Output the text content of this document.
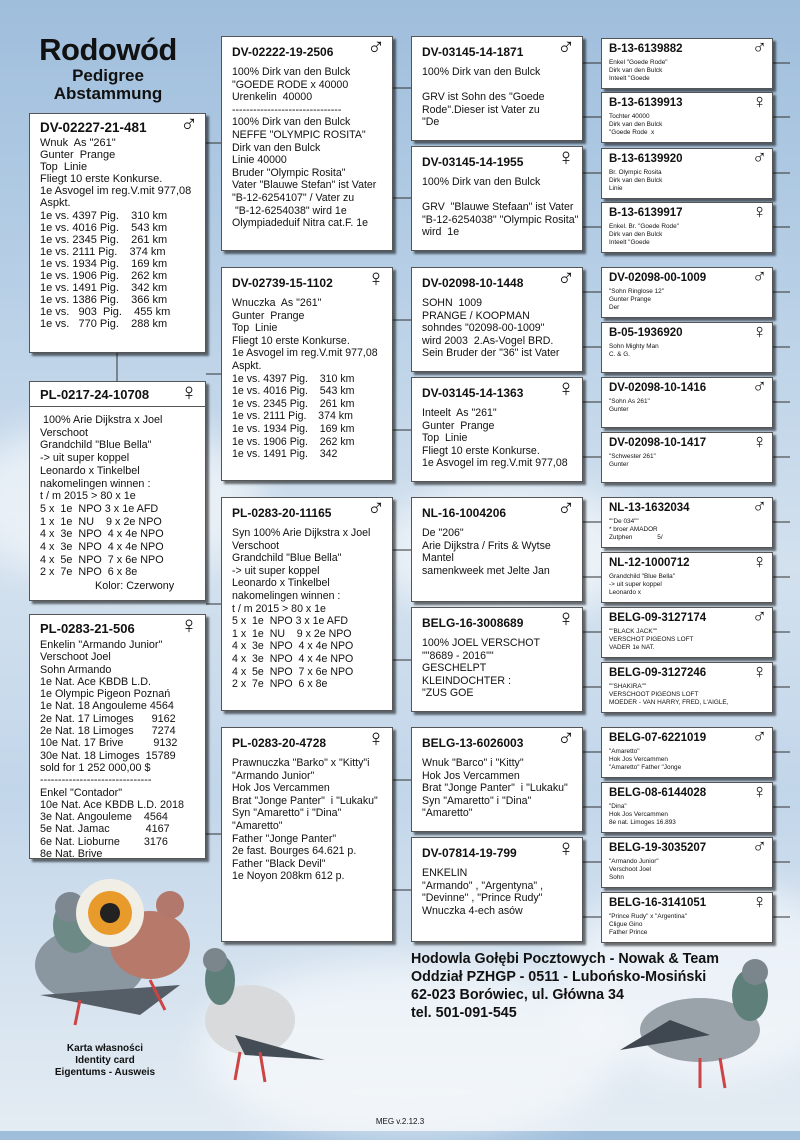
Rodowód
Pedigree
Abstammung
DV-02227-21-481 ♂
Wnuk  As "261"
Gunter  Prange
Top  Linie
Fliegt 10 erste Konkurse.
1e Asvogel im reg.V.mit 977,08
Aspkt.
1e vs. 4397 Pig.    310 km
1e vs. 4016 Pig.    543 km
1e vs. 2345 Pig.    261 km
1e vs. 2111 Pig.    374 km
1e vs. 1934 Pig.    169 km
1e vs. 1906 Pig.    262 km
1e vs. 1491 Pig.    342 km
1e vs. 1386 Pig.    366 km
1e vs.   903  Pig.    455 km
1e vs.   770 Pig.    288 km
PL-0217-24-10708 ♀
100% Arie Dijkstra x Joel
Verschoot
Grandchild "Blue Bella"
-> uit super koppel
Leonardo x Tinkelbel
nakomelingen winnen :
t / m 2015 > 80 x 1e
5 x  1e  NPO 3 x 1e AFD
1 x  1e  NU    9 x 2e NPO
4 x  3e  NPO  4 x 4e NPO
4 x  3e  NPO  4 x 4e NPO
4 x  5e  NPO  7 x 6e NPO
2 x  7e  NPO  6 x 8e
Kolor: Czerwony
PL-0283-21-506 ♀
Enkelin "Armando Junior"
Verschoot Joel
Sohn Armando
1e Nat. Ace KBDB L.D.
1e Olympic Pigeon Poznań
1e Nat. 18 Angouleme 4564
2e Nat. 17 Limoges      9162
2e Nat. 18 Limoges      7274
10e Nat. 17 Brive          9132
30e Nat. 18 Limoges  15789
sold for 1 252 000,00 $
-------------------------------
Enkel "Contador"
10e Nat. Ace KBDB L.D. 2018
3e Nat. Angouleme    4564
5e Nat. Jamac            4167
6e Nat. Lioburne        3176
8e Nat. Brive
DV-02222-19-2506 ♂
100% Dirk van den Bulck
"GOEDE RODE x 40000
Urenkelin  40000
-------------------------------
100% Dirk van den Bulck
NEFFE "OLYMPIC ROSITA"
Dirk van den Bulck
Linie 40000
Bruder "Olympic Rosita"
Vater "Blauwe Stefan" ist Vater
"B-12-6254107" / Vater zu
"B-12-6254038" wird 1e
Olympiadeduif Nitra cat.F. 1e
DV-02739-15-1102 ♀
Wnuczka  As "261"
Gunter  Prange
Top  Linie
Fliegt 10 erste Konkurse.
1e Asvogel im reg.V.mit 977,08
Aspkt.
1e vs. 4397 Pig.    310 km
1e vs. 4016 Pig.    543 km
1e vs. 2345 Pig.    261 km
1e vs. 2111 Pig.    374 km
1e vs. 1934 Pig.    169 km
1e vs. 1906 Pig.    262 km
1e vs. 1491 Pig.    342
PL-0283-20-11165 ♂
Syn 100% Arie Dijkstra x Joel
Verschoot
Grandchild "Blue Bella"
-> uit super koppel
Leonardo x Tinkelbel
nakomelingen winnen :
t / m 2015 > 80 x 1e
5 x  1e  NPO 3 x 1e AFD
1 x  1e  NU    9 x 2e NPO
4 x  3e  NPO  4 x 4e NPO
4 x  3e  NPO  4 x 4e NPO
4 x  5e  NPO  7 x 6e NPO
2 x  7e  NPO  6 x 8e
PL-0283-20-4728 ♀
Prawnuczka "Barko" x "Kitty"i
"Armando Junior"
Hok Jos Vercammen
Brat "Jonge Panter"  i "Lukaku"
Syn "Amaretto" i "Dina"
"Amaretto"
Father "Jonge Panter"
2e fast. Bourges 64.621 p.
Father "Black Devil"
1e Noyon 208km 612 p.
DV-03145-14-1871 ♂
100% Dirk van den Bulck

GRV ist Sohn des "Goede
Rode".Dieser ist Vater zu
"De
DV-03145-14-1955 ♀
100% Dirk van den Bulck

GRV  "Blauwe Stefaan" ist Vater
"B-12-6254038" "Olympic Rosita"
wird  1e
DV-02098-10-1448 ♂
SOHN  1009
PRANGE / KOOPMAN
sohndes "02098-00-1009"
wird 2003  2.As-Vogel BRD.
Sein Bruder der "36" ist Vater
DV-03145-14-1363 ♀
Inteelt  As "261"
Gunter  Prange
Top  Linie
Fliegt 10 erste Konkurse.
1e Asvogel im reg.V.mit 977,08
NL-16-1004206 ♂
De "206"
Arie Dijkstra / Frits & Wytse
Mantel
samenkweek met Jelte Jan
BELG-16-3008689 ♀
100% JOEL VERSCHOT
""8689 - 2016""
GESCHELPT
KLEINDOCHTER :
"ZUS GOE
BELG-13-6026003 ♂
Wnuk "Barco" i "Kitty"
Hok Jos Vercammen
Brat "Jonge Panter"  i "Lukaku"
Syn "Amaretto" i "Dina"
"Amaretto"
DV-07814-19-799 ♀
ENKELIN
"Armando" , "Argentyna" ,
"Devinne" , "Prince Rudy"
Wnuczka 4-ech asów
B-13-6139882	♂
Enkel "Goede Rode"
Dirk van den Bulck
Inteelt "Goede
B-13-6139913	♀
Tochter 40000
Dirk van den Bulck
"Goede Rode  x
B-13-6139920	♂
Br. Olympic Rosita
Dirk van den Bulck
Linie
B-13-6139917	♀
Enkel. Br. "Goede Rode"
Dirk van den Bulck
Inteelt "Goede
DV-02098-00-1009 ♂
"Sohn Ringlose 12"
Gunter Prange
Der
B-05-1936920	♀
Sohn Mighty Man
C. & G.
DV-02098-10-1416 ♂
"Sohn As 261"
Gunter
DV-02098-10-1417 ♀
"Schwester 261"
Gunter
NL-13-1632034	♂
""De 034""
* broer AMADOR
Zutphen              5/
NL-12-1000712	♀
Grandchild "Blue Bella"
-> uit super koppel
Leonardo x
BELG-09-3127174 ♂
""BLACK JACK""
VERSCHOT PIGEONS LOFT
VADER 1e NAT.
BELG-09-3127246 ♀
""SHAKIRA""
VERSCHOOT PIGEONS LOFT
MOEDER - VAN HARRY, FRED, L'AIGLE,
BELG-07-6221019 ♂
"Amaretto"
Hok Jos Vercammen
"Amaretto" Father "Jonge
BELG-08-6144028 ♀
"Dina"
Hok Jos Vercammen
8e nat. Limoges 16.893
BELG-19-3035207 ♂
"Armando Junior"
Verschoot Joel
Sohn
BELG-16-3141051 ♀
"Prince Rudy" x "Argentina"
Cligue Gino
Father Prince
Hodowla Gołębi Pocztowych - Nowak & Team
Oddział PZHGP - 0511 - Lubońsko-Mosiński
62-023 Borówiec, ul. Główna 34
tel. 501-091-545
Karta własności
Identity card
Eigentums - Ausweis
MEG v.2.12.3
